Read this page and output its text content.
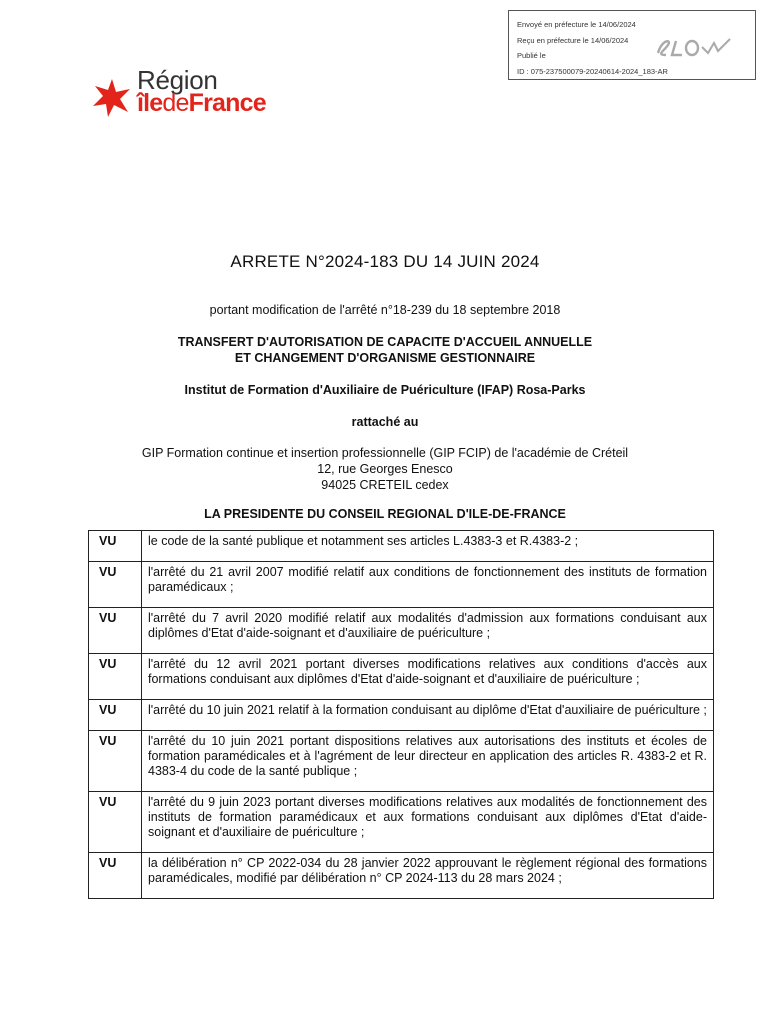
Envoyé en préfecture le 14/06/2024
Reçu en préfecture le 14/06/2024
Publié le
ID : 075-237500079-20240614-2024_183-AR
Région
îledeFrance
ARRETE N°2024-183 DU 14 JUIN 2024
portant modification de l'arrêté n°18-239 du 18 septembre 2018
TRANSFERT D'AUTORISATION DE CAPACITE D'ACCUEIL ANNUELLE
ET CHANGEMENT D'ORGANISME GESTIONNAIRE
Institut de Formation d'Auxiliaire de Puériculture (IFAP) Rosa-Parks
rattaché au
GIP Formation continue et insertion professionnelle (GIP FCIP) de l'académie de Créteil
12, rue Georges Enesco
94025 CRETEIL cedex
LA PRESIDENTE DU CONSEIL REGIONAL D'ILE-DE-FRANCE
VU	le code de la santé publique et notamment ses articles L.4383-3 et R.4383-2 ;
VU	l'arrêté du 21 avril 2007 modifié relatif aux conditions de fonctionnement des instituts de formation paramédicaux ;
VU	l'arrêté du 7 avril 2020 modifié relatif aux modalités d'admission aux formations conduisant aux diplômes d'Etat d'aide-soignant et d'auxiliaire de puériculture ;
VU	l'arrêté du 12 avril 2021 portant diverses modifications relatives aux conditions d'accès aux formations conduisant aux diplômes d'Etat d'aide-soignant et d'auxiliaire de puériculture ;
VU	l'arrêté du 10 juin 2021 relatif à la formation conduisant au diplôme d'Etat d'auxiliaire de puériculture ;
VU	l'arrêté du 10 juin 2021 portant dispositions relatives aux autorisations des instituts et écoles de formation paramédicales et à l'agrément de leur directeur en application des articles R. 4383-2 et R. 4383-4 du code de la santé publique ;
VU	l'arrêté du 9 juin 2023 portant diverses modifications relatives aux modalités de fonctionnement des instituts de formation paramédicaux et aux formations conduisant aux diplômes d'Etat d'aide-soignant et d'auxiliaire de puériculture ;
VU	la délibération n° CP 2022-034 du 28 janvier 2022 approuvant le règlement régional des formations paramédicales, modifié par délibération n° CP 2024-113 du 28 mars 2024 ;
